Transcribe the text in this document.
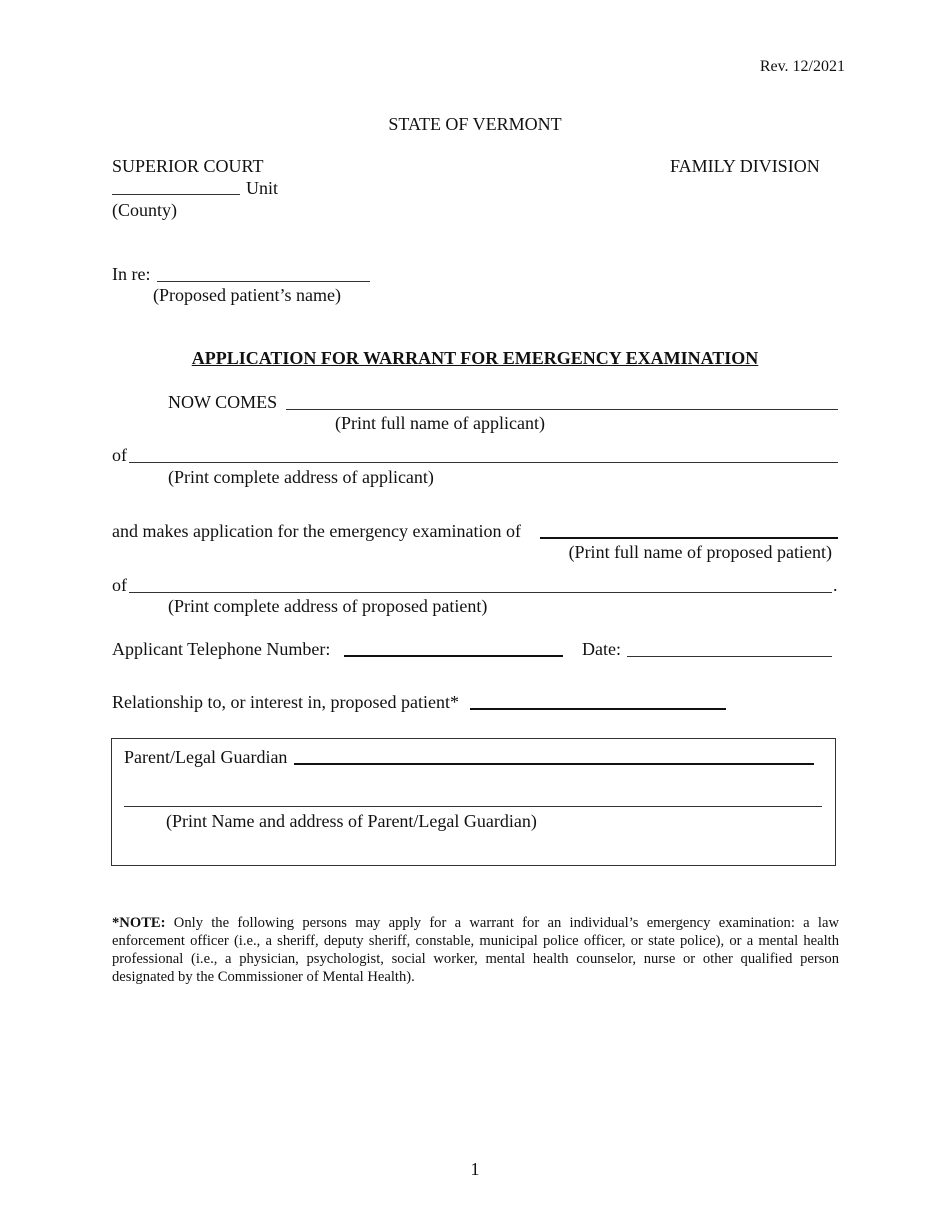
Rev. 12/2021
STATE OF VERMONT
SUPERIOR COURT	FAMILY DIVISION
Unit
(County)
In re:
(Proposed patient’s name)
APPLICATION FOR WARRANT FOR EMERGENCY EXAMINATION
NOW COMES
(Print full name of applicant)
of
(Print complete address of applicant)
and makes application for the emergency examination of
(Print full name of proposed patient)
of	.
(Print complete address of proposed patient)
Applicant Telephone Number:	Date:
Relationship to, or interest in, proposed patient*
Parent/Legal Guardian
(Print Name and address of Parent/Legal Guardian)
*NOTE: Only the following persons may apply for a warrant for an individual’s emergency examination: a law enforcement officer (i.e., a sheriff, deputy sheriff, constable, municipal police officer, or state police), or a mental health professional (i.e., a physician, psychologist, social worker, mental health counselor, nurse or other qualified person designated by the Commissioner of Mental Health).
1
